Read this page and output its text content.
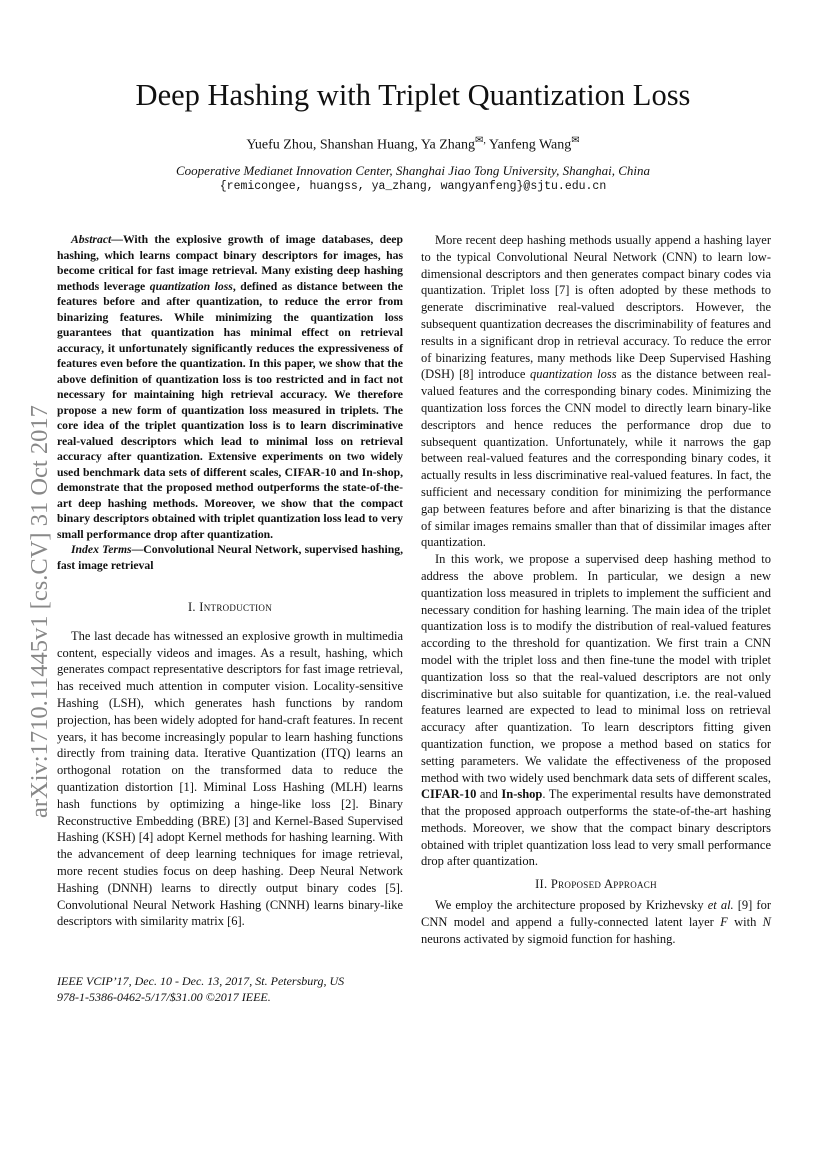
Deep Hashing with Triplet Quantization Loss
Yuefu Zhou, Shanshan Huang, Ya Zhang✉, Yanfeng Wang✉
Cooperative Medianet Innovation Center, Shanghai Jiao Tong University, Shanghai, China
{remicongee, huangss, ya_zhang, wangyanfeng}@sjtu.edu.cn
arXiv:1710.11445v1 [cs.CV] 31 Oct 2017

Abstract—With the explosive growth of image databases, deep hashing, which learns compact binary descriptors for images, has become critical for fast image retrieval. Many existing deep hashing methods leverage quantization loss, defined as distance between the features before and after quantization, to reduce the error from binarizing features. While minimizing the quantization loss guarantees that quantization has minimal effect on retrieval accuracy, it unfortunately significantly reduces the expressiveness of features even before the quantization. In this paper, we show that the above definition of quantization loss is too restricted and in fact not necessary for maintaining high retrieval accuracy. We therefore propose a new form of quantization loss measured in triplets. The core idea of the triplet quantization loss is to learn discriminative real-valued descriptors which lead to minimal loss on retrieval accuracy after quantization. Extensive experiments on two widely used benchmark data sets of different scales, CIFAR-10 and In-shop, demonstrate that the proposed method outperforms the state-of-the-art deep hashing methods. Moreover, we show that the compact binary descriptors obtained with triplet quantization loss lead to very small performance drop after quantization.

Index Terms—Convolutional Neural Network, supervised hashing, fast image retrieval

I. Introduction

The last decade has witnessed an explosive growth in multimedia content, especially videos and images. As a result, hashing, which generates compact representative descriptors for fast image retrieval, has received much attention in computer vision. Locality-sensitive Hashing (LSH), which generates hash functions by random projection, has been widely adopted for hand-craft features. In recent years, it has become increasingly popular to learn hashing functions directly from training data. Iterative Quantization (ITQ) learns an orthogonal rotation on the transformed data to reduce the quantization distortion [1]. Miminal Loss Hashing (MLH) learns hash functions by optimizing a hinge-like loss [2]. Binary Reconstructive Embedding (BRE) [3] and Kernel-Based Supervised Hashing (KSH) [4] adopt Kernel methods for hashing learning. With the advancement of deep learning techniques for image retrieval, more recent studies focus on deep hashing. Deep Neural Network Hashing (DNNH) learns to directly output binary codes [5]. Convolutional Neural Network Hashing (CNNH) learns binary-like descriptors with similarity matrix [6].

IEEE VCIP’17, Dec. 10 - Dec. 13, 2017, St. Petersburg, US
978-1-5386-0462-5/17/$31.00 ©2017 IEEE.

More recent deep hashing methods usually append a hashing layer to the typical Convolutional Neural Network (CNN) to learn low-dimensional descriptors and then generates compact binary codes via quantization. Triplet loss [7] is often adopted by these methods to generate discriminative real-valued descriptors. However, the subsequent quantization decreases the discriminability of features and results in a significant drop in retrieval accuracy. To reduce the error of binarizing features, many methods like Deep Supervised Hashing (DSH) [8] introduce quantization loss as the distance between real-valued features and the corresponding binary codes. Minimizing the quantization loss forces the CNN model to directly learn binary-like descriptors and hence reduces the performance drop due to subsequent quantization. Unfortunately, while it narrows the gap between real-valued features and the corresponding binary codes, it actually results in less discriminative real-valued features. In fact, the sufficient and necessary condition for minimizing the performance gap between features before and after binarizing is that the distance of similar images remains smaller than that of dissimilar images after quantization.

In this work, we propose a supervised deep hashing method to address the above problem. In particular, we design a new quantization loss measured in triplets to implement the sufficient and necessary condition for hashing learning. The main idea of the triplet quantization loss is to modify the distribution of real-valued features according to the threshold for quantization. We first train a CNN model with the triplet loss and then fine-tune the model with triplet quantization loss so that the real-valued descriptors are not only discriminative but also suitable for quantization, i.e. the real-valued features learned are expected to lead to minimal loss on retrieval accuracy after quantization. To learn descriptors fitting given quantization function, we propose a method based on statics for setting parameters. We validate the effectiveness of the proposed method with two widely used benchmark data sets of different scales, CIFAR-10 and In-shop. The experimental results have demonstrated that the proposed approach outperforms the state-of-the-art hashing methods. Moreover, we show that the compact binary descriptors obtained with triplet quantization loss lead to very small performance drop after quantization.

II. Proposed Approach

We employ the architecture proposed by Krizhevsky et al. [9] for CNN model and append a fully-connected latent layer F with N neurons activated by sigmoid function for hashing.
